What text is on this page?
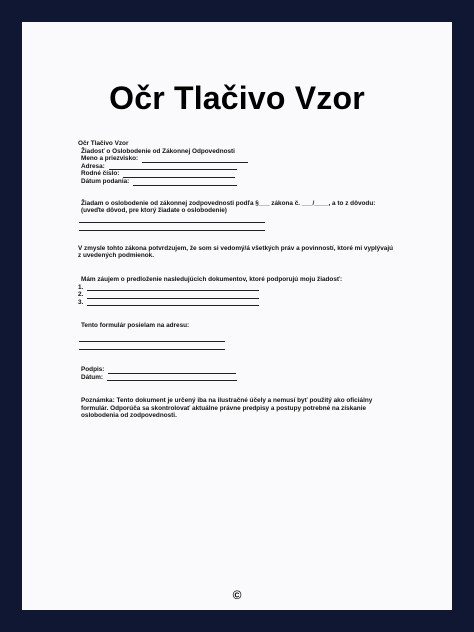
Očr Tlačivo Vzor
Očr Tlačivo Vzor
Žiadosť o Oslobodenie od Zákonnej Odpovednosti
Meno a priezvisko:
Adresa:
Rodné číslo:
Dátum podania:
Žiadam o oslobodenie od zákonnej zodpovednosti podľa §___ zákona č. ___/____, a to z dôvodu:
(uveďte dôvod, pre ktorý žiadate o oslobodenie)
V zmysle tohto zákona potvrdzujem, že som si vedomý/á všetkých práv a povinností, ktoré mi vyplývajú z uvedených podmienok.
Mám záujem o predloženie nasledujúcich dokumentov, ktoré podporujú moju žiadosť:
1.
2.
3.
Tento formulár posielam na adresu:
Podpis:
Dátum:
Poznámka: Tento dokument je určený iba na ilustračné účely a nemusí byť použitý ako oficiálny formulár. Odporúča sa skontrolovať aktuálne právne predpisy a postupy potrebné na získanie oslobodenia od zodpovednosti.
©
